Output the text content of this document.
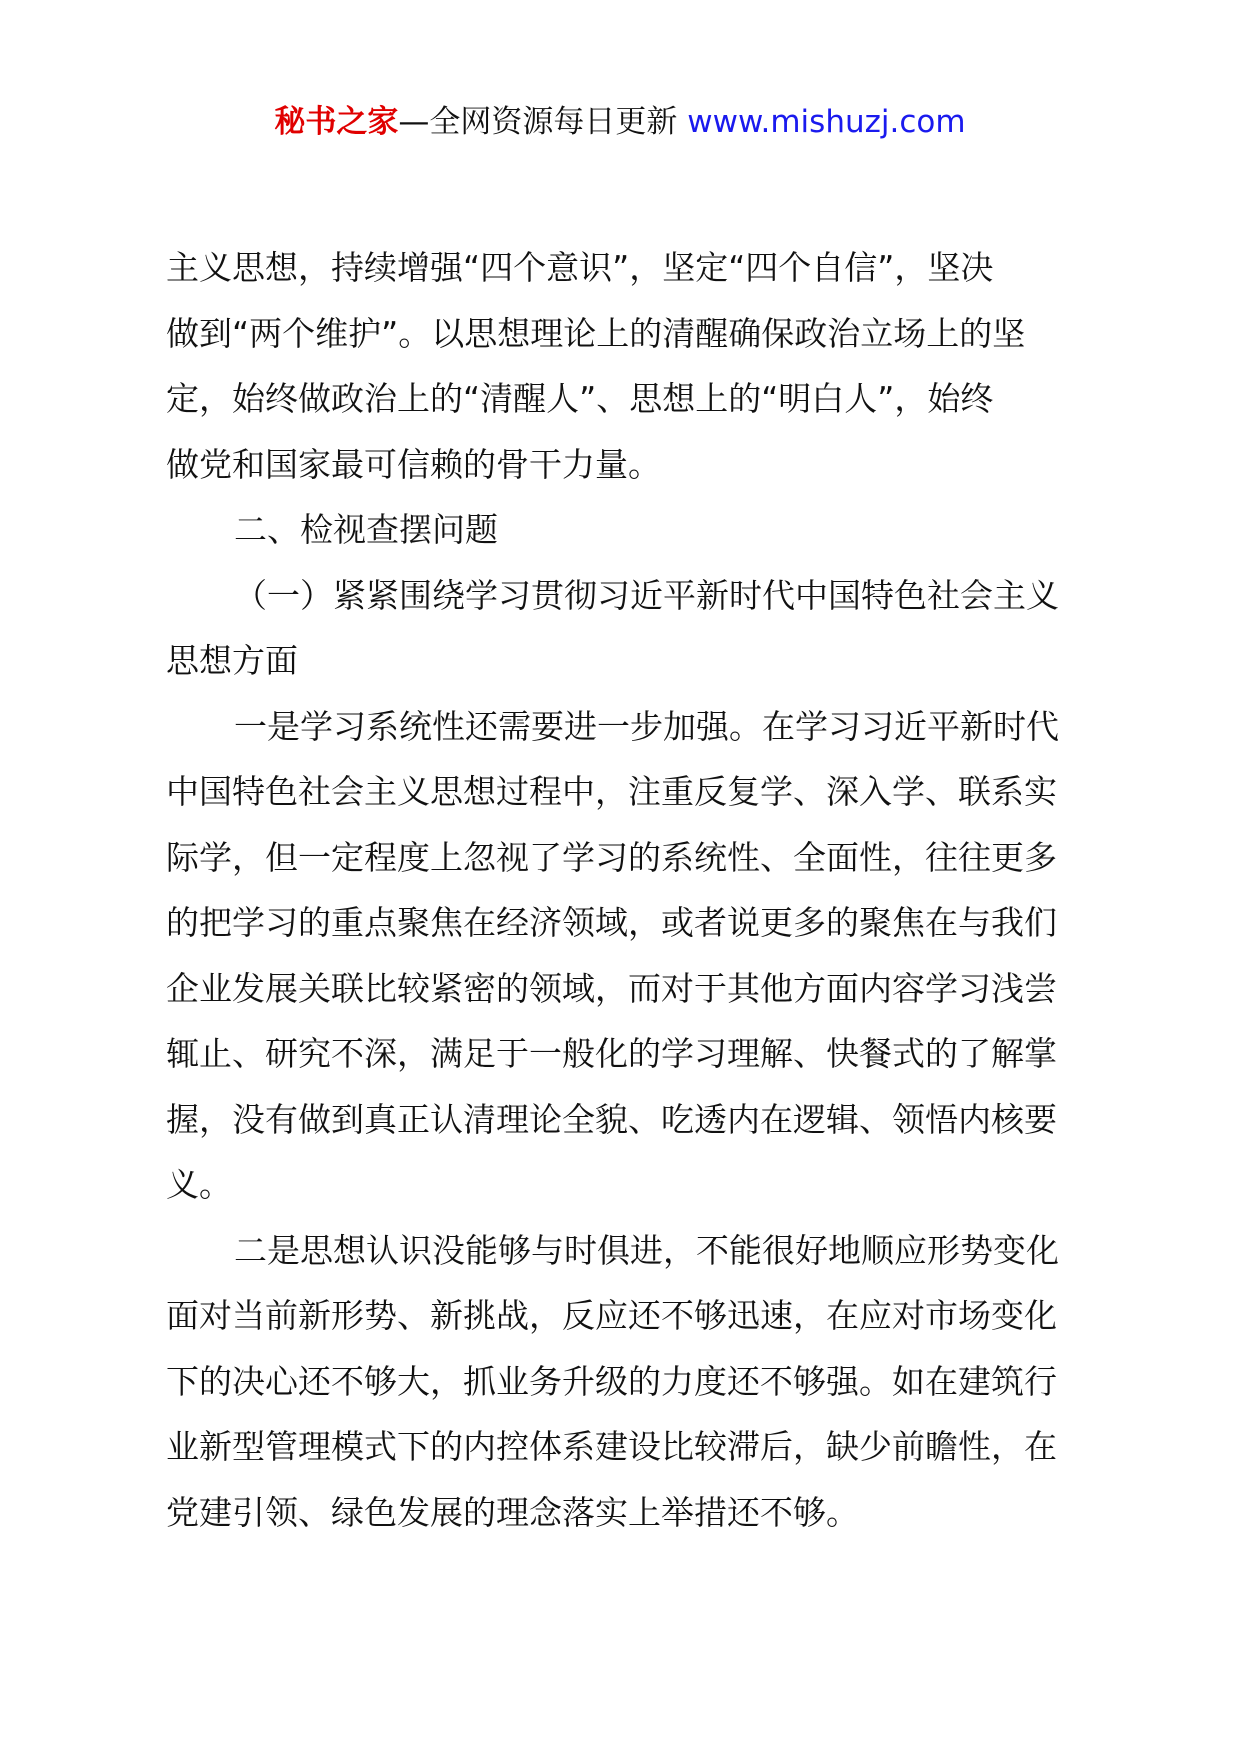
秘书之家—全网资源每日更新 www.mishuzj.com
主义思想，持续增强“四个意识”，坚定“四个自信”，坚决
做到“两个维护”。以思想理论上的清醒确保政治立场上的坚
定，始终做政治上的“清醒人”、思想上的“明白人”，始终
做党和国家最可信赖的骨干力量。
二、检视查摆问题
（一）紧紧围绕学习贯彻习近平新时代中国特色社会主义
思想方面
一是学习系统性还需要进一步加强。在学习习近平新时代
中国特色社会主义思想过程中，注重反复学、深入学、联系实
际学，但一定程度上忽视了学习的系统性、全面性，往往更多
的把学习的重点聚焦在经济领域，或者说更多的聚焦在与我们
企业发展关联比较紧密的领域，而对于其他方面内容学习浅尝
辄止、研究不深，满足于一般化的学习理解、快餐式的了解掌
握，没有做到真正认清理论全貌、吃透内在逻辑、领悟内核要
义。
二是思想认识没能够与时俱进，不能很好地顺应形势变化
面对当前新形势、新挑战，反应还不够迅速，在应对市场变化
下的决心还不够大，抓业务升级的力度还不够强。如在建筑行
业新型管理模式下的内控体系建设比较滞后，缺少前瞻性，在
党建引领、绿色发展的理念落实上举措还不够。
